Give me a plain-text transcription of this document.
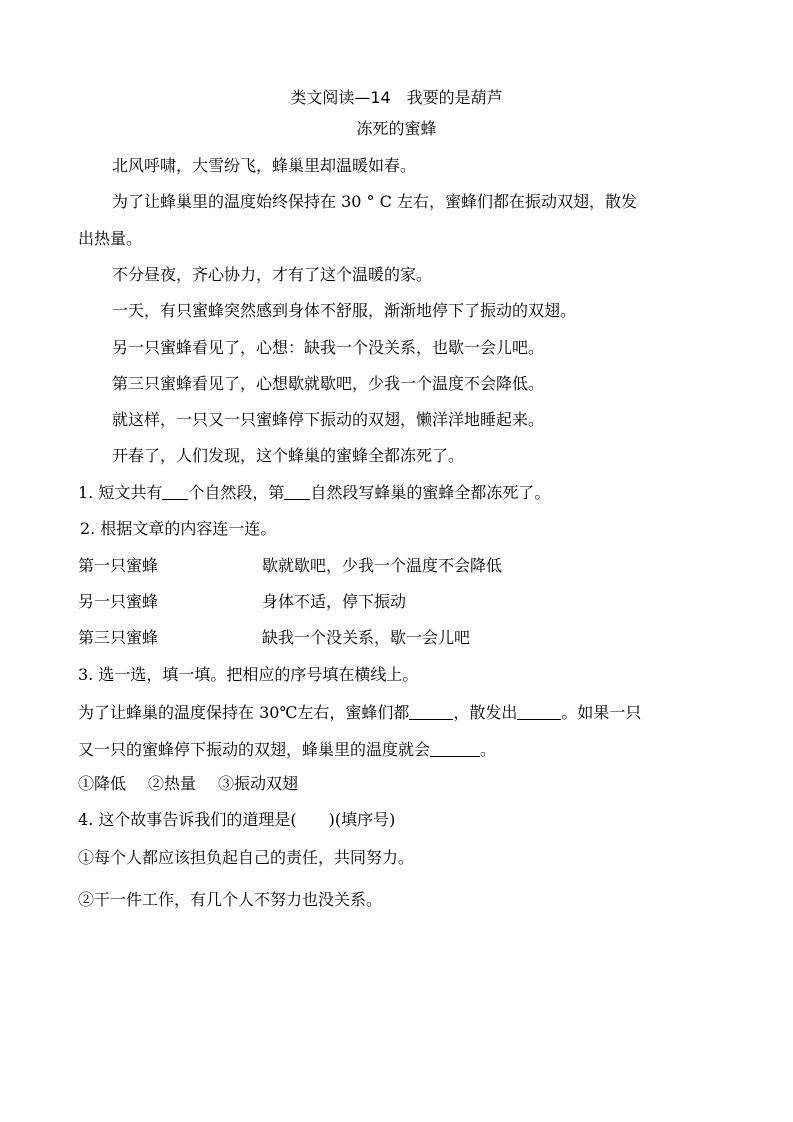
类文阅读—14　我要的是葫芦
冻死的蜜蜂
北风呼啸，大雪纷飞，蜂巢里却温暖如春。
为了让蜂巢里的温度始终保持在 30 ° C 左右，蜜蜂们都在振动双翅，散发
出热量。
不分昼夜，齐心协力，才有了这个温暖的家。
一天，有只蜜蜂突然感到身体不舒服，渐渐地停下了振动的双翅。
另一只蜜蜂看见了，心想：缺我一个没关系，也歇一会儿吧。
第三只蜜蜂看见了，心想歇就歇吧，少我一个温度不会降低。
就这样，一只又一只蜜蜂停下振动的双翅，懒洋洋地睡起来。
开春了，人们发现，这个蜂巢的蜜蜂全都冻死了。
1. 短文共有 个自然段，第 自然段写蜂巢的蜜蜂全都冻死了。
2. 根据文章的内容连一连。
第一只蜜蜂	歇就歇吧，少我一个温度不会降低
另一只蜜蜂	身体不适，停下振动
第三只蜜蜂	缺我一个没关系，歇一会儿吧
3. 选一选，填一填。把相应的序号填在横线上。
为了让蜂巢的温度保持在 30℃左右，蜜蜂们都	，散发出	。如果一只
又一只的蜜蜂停下振动的双翅，蜂巢里的温度就会	。
①降低 ②热量 ③振动双翅
4. 这个故事告诉我们的道理是(　　)(填序号)
①每个人都应该担负起自己的责任，共同努力。
②干一件工作，有几个人不努力也没关系。
